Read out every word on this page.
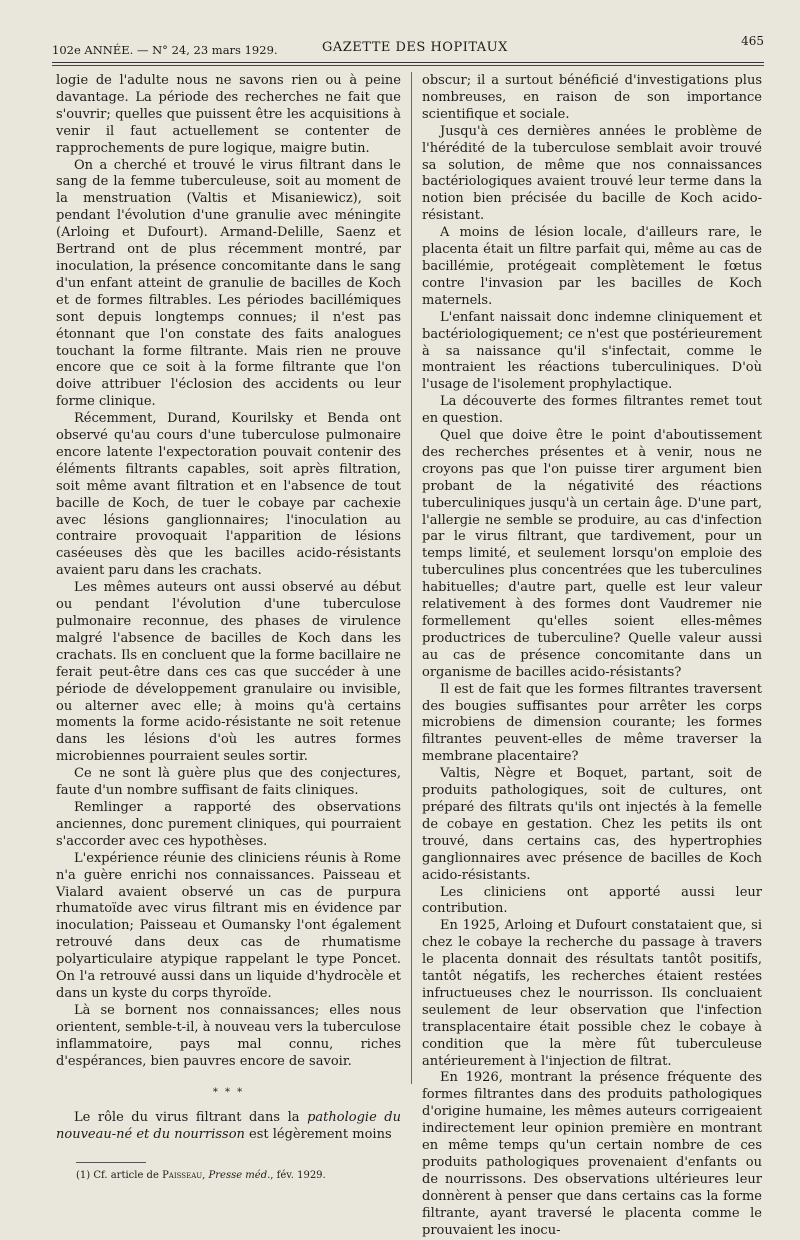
102e ANNÉE. — N° 24, 23 mars 1929.	GAZETTE DES HOPITAUX	465

logie de l'adulte nous ne savons rien ou à peine davantage. La période des recherches ne fait que s'ouvrir; quelles que puissent être les acquisitions à venir il faut actuellement se contenter de rapprochements de pure logique, maigre butin.

On a cherché et trouvé le virus filtrant dans le sang de la femme tuberculeuse, soit au moment de la menstruation (Valtis et Misaniewicz), soit pendant l'évolution d'une granulie avec méningite (Arloing et Dufourt). Armand-Delille, Saenz et Bertrand ont de plus récemment montré, par inoculation, la présence concomitante dans le sang d'un enfant atteint de granulie de bacilles de Koch et de formes filtrables. Les périodes bacillémiques sont depuis longtemps connues; il n'est pas étonnant que l'on constate des faits analogues touchant la forme filtrante. Mais rien ne prouve encore que ce soit à la forme filtrante que l'on doive attribuer l'éclosion des accidents ou leur forme clinique.

Récemment, Durand, Kourilsky et Benda ont observé qu'au cours d'une tuberculose pulmonaire encore latente l'expectoration pouvait contenir des éléments filtrants capables, soit après filtration, soit même avant filtration et en l'absence de tout bacille de Koch, de tuer le cobaye par cachexie avec lésions ganglionnaires; l'inoculation au contraire provoquait l'apparition de lésions caséeuses dès que les bacilles acido-résistants avaient paru dans les crachats.

Les mêmes auteurs ont aussi observé au début ou pendant l'évolution d'une tuberculose pulmonaire reconnue, des phases de virulence malgré l'absence de bacilles de Koch dans les crachats. Ils en concluent que la forme bacillaire ne ferait peut-être dans ces cas que succéder à une période de développement granulaire ou invisible, ou alterner avec elle; à moins qu'à certains moments la forme acido-résistante ne soit retenue dans les lésions d'où les autres formes microbiennes pourraient seules sortir.

Ce ne sont là guère plus que des conjectures, faute d'un nombre suffisant de faits cliniques.

Remlinger a rapporté des observations anciennes, donc purement cliniques, qui pourraient s'accorder avec ces hypothèses.

L'expérience réunie des cliniciens réunis à Rome n'a guère enrichi nos connaissances. Paisseau et Vialard avaient observé un cas de purpura rhumatoïde avec virus filtrant mis en évidence par inoculation; Paisseau et Oumansky l'ont également retrouvé dans deux cas de rhumatisme polyarticulaire atypique rappelant le type Poncet. On l'a retrouvé aussi dans un liquide d'hydrocèle et dans un kyste du corps thyroïde.

Là se bornent nos connaissances; elles nous orientent, semble-t-il, à nouveau vers la tuberculose inflammatoire, pays mal connu, riches d'espérances, bien pauvres encore de savoir.

* * *

Le rôle du virus filtrant dans la pathologie du nouveau-né et du nourrisson est légèrement moins

(1) Cf. article de Paisseau, Presse méd., fév. 1929.

obscur; il a surtout bénéficié d'investigations plus nombreuses, en raison de son importance scientifique et sociale.

Jusqu'à ces dernières années le problème de l'hérédité de la tuberculose semblait avoir trouvé sa solution, de même que nos connaissances bactériologiques avaient trouvé leur terme dans la notion bien précisée du bacille de Koch acido-résistant.

A moins de lésion locale, d'ailleurs rare, le placenta était un filtre parfait qui, même au cas de bacillémie, protégeait complètement le fœtus contre l'invasion par les bacilles de Koch maternels.

L'enfant naissait donc indemne cliniquement et bactériologiquement; ce n'est que postérieurement à sa naissance qu'il s'infectait, comme le montraient les réactions tuberculiniques. D'où l'usage de l'isolement prophylactique.

La découverte des formes filtrantes remet tout en question.

Quel que doive être le point d'aboutissement des recherches présentes et à venir, nous ne croyons pas que l'on puisse tirer argument bien probant de la négativité des réactions tuberculiniques jusqu'à un certain âge. D'une part, l'allergie ne semble se produire, au cas d'infection par le virus filtrant, que tardivement, pour un temps limité, et seulement lorsqu'on emploie des tuberculines plus concentrées que les tuberculines habituelles; d'autre part, quelle est leur valeur relativement à des formes dont Vaudremer nie formellement qu'elles soient elles-mêmes productrices de tuberculine? Quelle valeur aussi au cas de présence concomitante dans un organisme de bacilles acido-résistants?

Il est de fait que les formes filtrantes traversent des bougies suffisantes pour arrêter les corps microbiens de dimension courante; les formes filtrantes peuvent-elles de même traverser la membrane placentaire?

Valtis, Nègre et Boquet, partant, soit de produits pathologiques, soit de cultures, ont préparé des filtrats qu'ils ont injectés à la femelle de cobaye en gestation. Chez les petits ils ont trouvé, dans certains cas, des hypertrophies ganglionnaires avec présence de bacilles de Koch acido-résistants.

Les cliniciens ont apporté aussi leur contribution.

En 1925, Arloing et Dufourt constataient que, si chez le cobaye la recherche du passage à travers le placenta donnait des résultats tantôt positifs, tantôt négatifs, les recherches étaient restées infructueuses chez le nourrisson. Ils concluaient seulement de leur observation que l'infection transplacentaire était possible chez le cobaye à condition que la mère fût tuberculeuse antérieurement à l'injection de filtrat.

En 1926, montrant la présence fréquente des formes filtrantes dans des produits pathologiques d'origine humaine, les mêmes auteurs corrigeaient indirectement leur opinion première en montrant en même temps qu'un certain nombre de ces produits pathologiques provenaient d'enfants ou de nourrissons. Des observations ultérieures leur donnèrent à penser que dans certains cas la forme filtrante, ayant traversé le placenta comme le prouvaient les inocu-
